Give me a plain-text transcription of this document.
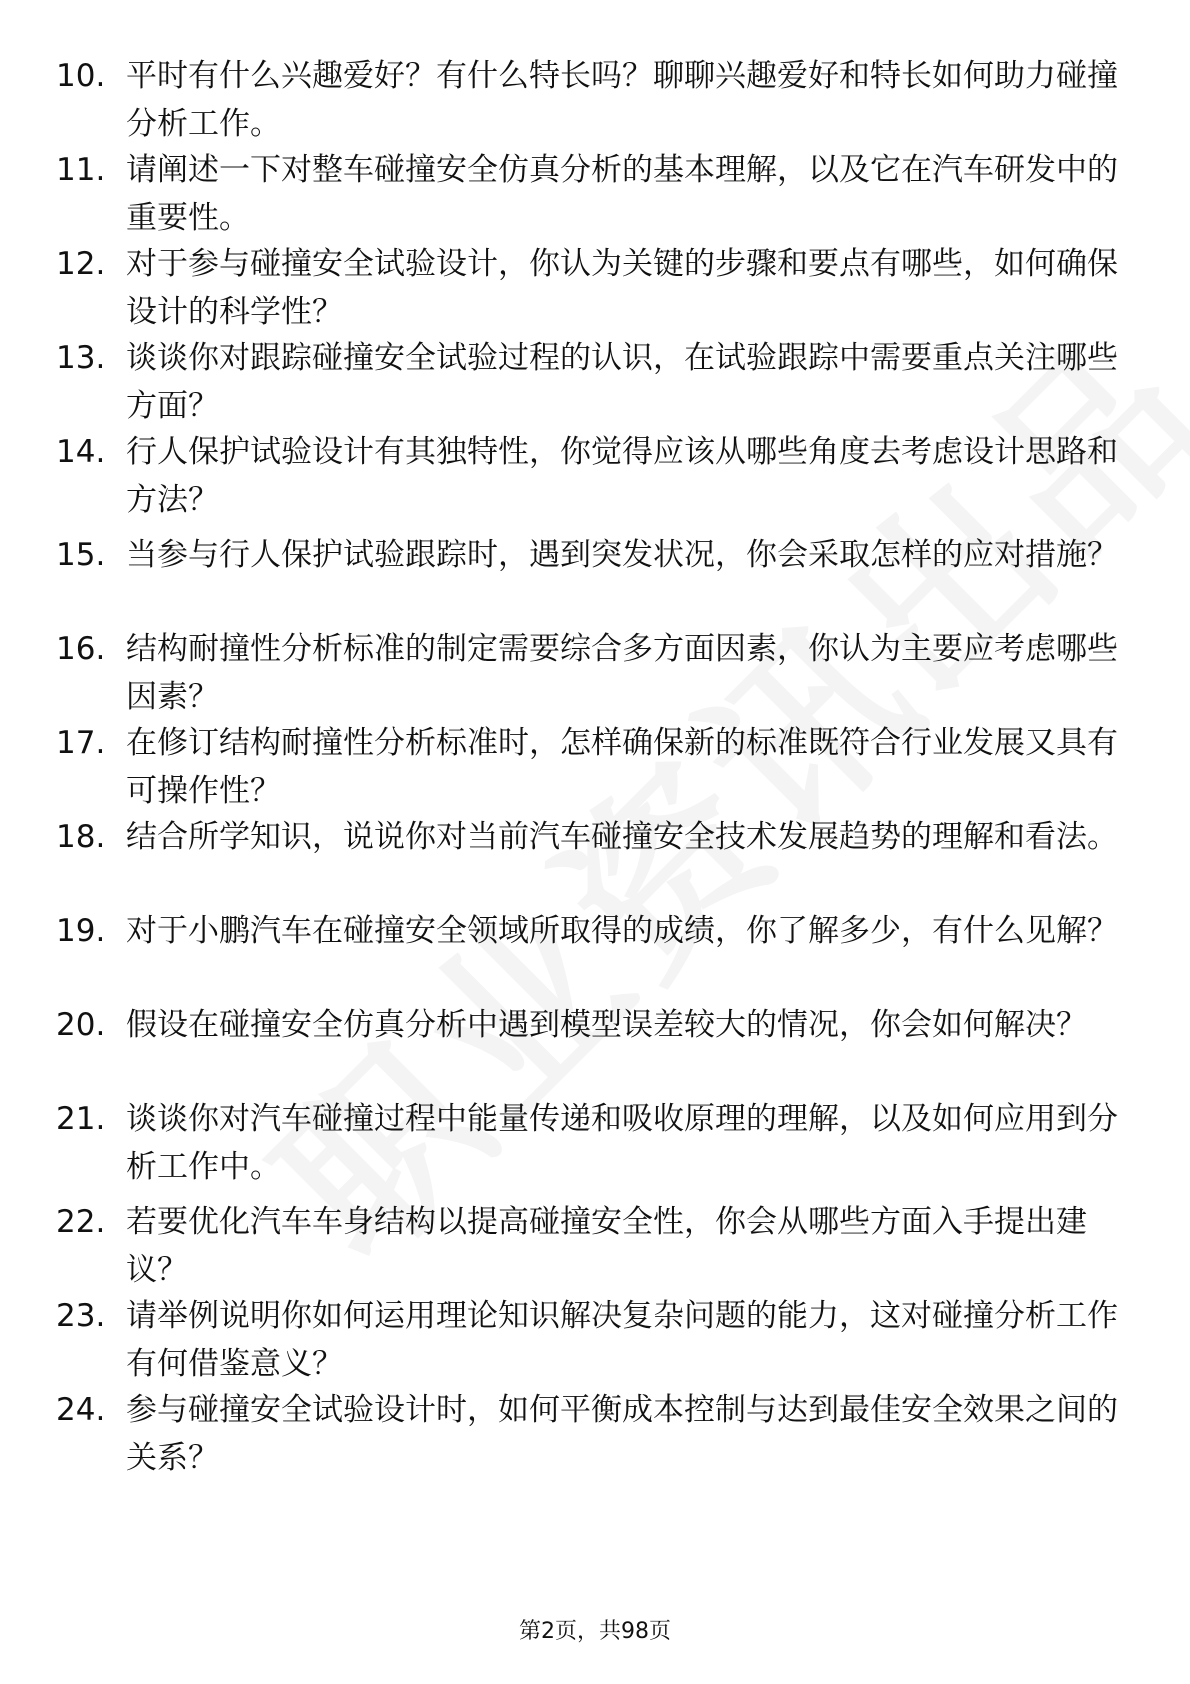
10. 平时有什么兴趣爱好？有什么特长吗？聊聊兴趣爱好和特长如何助力碰撞分析工作。
11. 请阐述一下对整车碰撞安全仿真分析的基本理解，以及它在汽车研发中的重要性。
12. 对于参与碰撞安全试验设计，你认为关键的步骤和要点有哪些，如何确保设计的科学性？
13. 谈谈你对跟踪碰撞安全试验过程的认识，在试验跟踪中需要重点关注哪些方面？
14. 行人保护试验设计有其独特性，你觉得应该从哪些角度去考虑设计思路和方法？
15. 当参与行人保护试验跟踪时，遇到突发状况，你会采取怎样的应对措施？
16. 结构耐撞性分析标准的制定需要综合多方面因素，你认为主要应考虑哪些因素？
17. 在修订结构耐撞性分析标准时，怎样确保新的标准既符合行业发展又具有可操作性？
18. 结合所学知识，说说你对当前汽车碰撞安全技术发展趋势的理解和看法。
19. 对于小鹏汽车在碰撞安全领域所取得的成绩，你了解多少，有什么见解？
20. 假设在碰撞安全仿真分析中遇到模型误差较大的情况，你会如何解决？
21. 谈谈你对汽车碰撞过程中能量传递和吸收原理的理解，以及如何应用到分析工作中。
22. 若要优化汽车车身结构以提高碰撞安全性，你会从哪些方面入手提出建议？
23. 请举例说明你如何运用理论知识解决复杂问题的能力，这对碰撞分析工作有何借鉴意义？
24. 参与碰撞安全试验设计时，如何平衡成本控制与达到最佳安全效果之间的关系？
第2页，共98页
